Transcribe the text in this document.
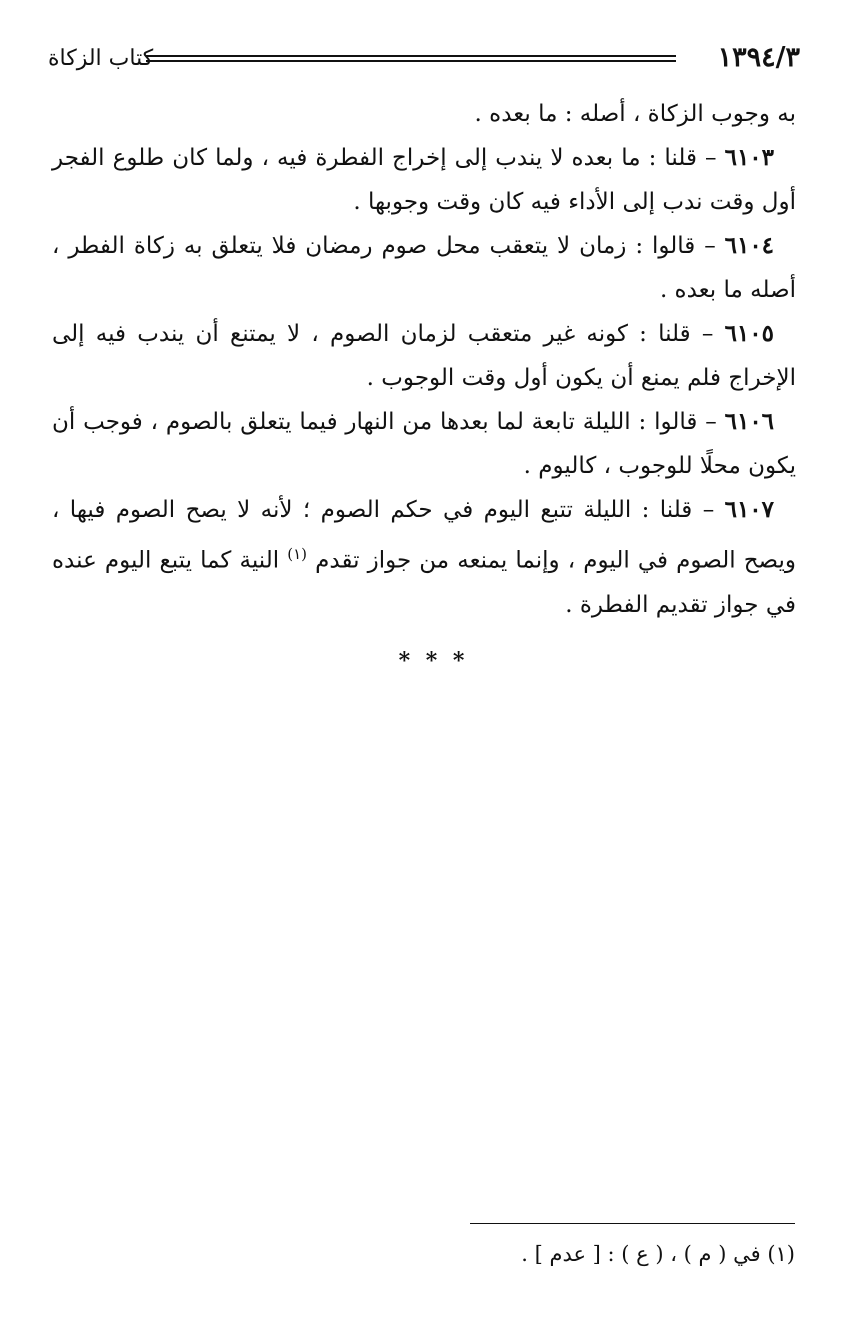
١٣٩٤/٣
كتاب الزكاة

به وجوب الزكاة ، أصله : ما بعده .

٦١٠٣ – قلنا : ما بعده لا يندب إلى إخراج الفطرة فيه ، ولما كان طلوع الفجر أول وقت ندب إلى الأداء فيه كان وقت وجوبها .

٦١٠٤ – قالوا : زمان لا يتعقب محل صوم رمضان فلا يتعلق به زكاة الفطر ، أصله ما بعده .

٦١٠٥ – قلنا : كونه غير متعقب لزمان الصوم ، لا يمتنع أن يندب فيه إلى الإخراج فلم يمنع أن يكون أول وقت الوجوب .

٦١٠٦ – قالوا : الليلة تابعة لما بعدها من النهار فيما يتعلق بالصوم ، فوجب أن يكون محلًا للوجوب ، كاليوم .

٦١٠٧ – قلنا : الليلة تتبع اليوم في حكم الصوم ؛ لأنه لا يصح الصوم فيها ، ويصح الصوم في اليوم ، وإنما يمنعه من جواز تقدم $^{(١)}$ النية كما يتبع اليوم عنده في جواز تقديم الفطرة .

* * *
(١) في ( م ) ، ( ع ) : [ عدم ] .
